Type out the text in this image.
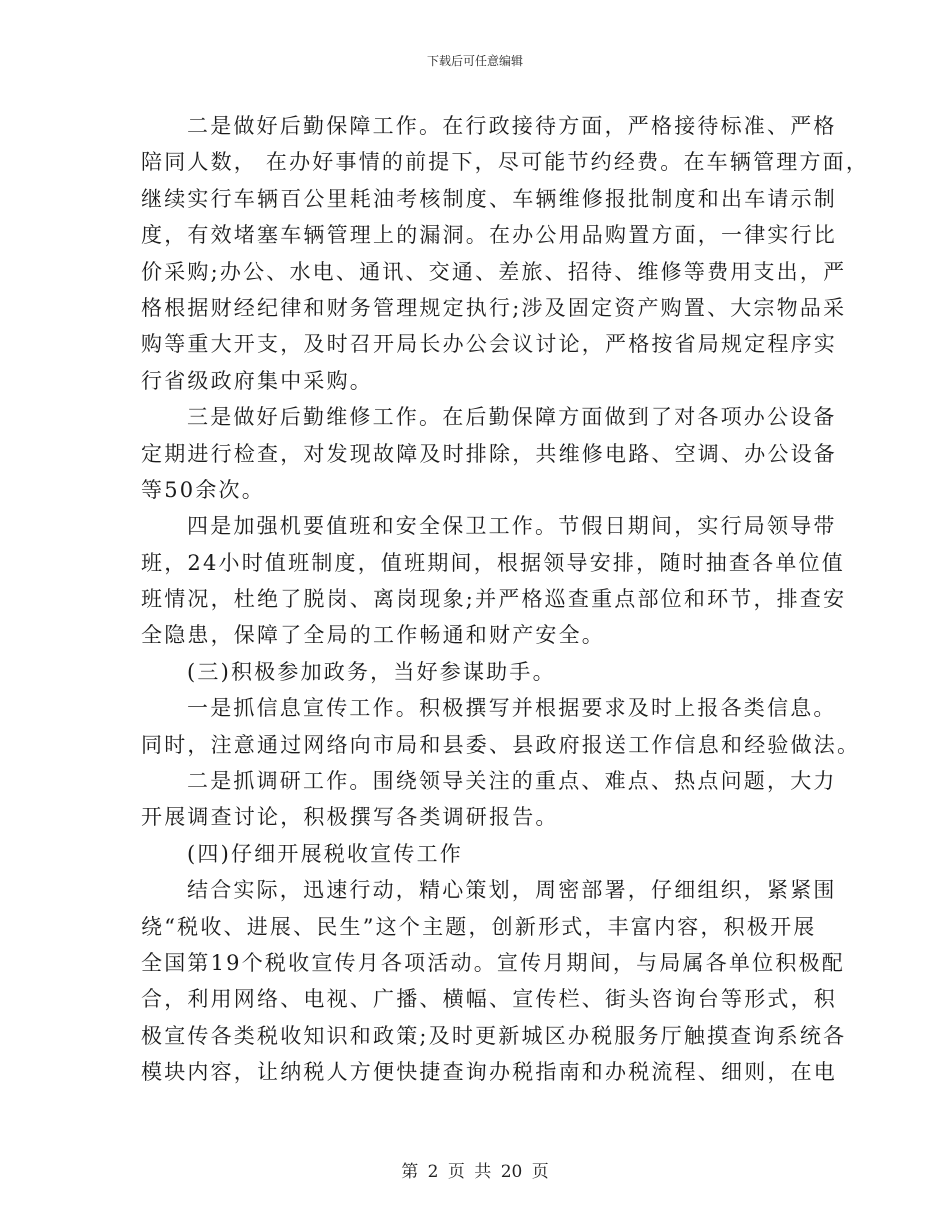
下载后可任意编辑
二是做好后勤保障工作。在行政接待方面，严格接待标准、严格
陪同人数， 在办好事情的前提下，尽可能节约经费。在车辆管理方面，
继续实行车辆百公里耗油考核制度、车辆维修报批制度和出车请示制
度，有效堵塞车辆管理上的漏洞。在办公用品购置方面，一律实行比
价采购;办公、水电、通讯、交通、差旅、招待、维修等费用支出，严
格根据财经纪律和财务管理规定执行;涉及固定资产购置、大宗物品采
购等重大开支，及时召开局长办公会议讨论，严格按省局规定程序实
行省级政府集中采购。
三是做好后勤维修工作。在后勤保障方面做到了对各项办公设备
定期进行检查，对发现故障及时排除，共维修电路、空调、办公设备
等50余次。
四是加强机要值班和安全保卫工作。节假日期间，实行局领导带
班，24小时值班制度，值班期间，根据领导安排，随时抽查各单位值
班情况，杜绝了脱岗、离岗现象;并严格巡查重点部位和环节，排查安
全隐患，保障了全局的工作畅通和财产安全。
(三)积极参加政务，当好参谋助手。
一是抓信息宣传工作。积极撰写并根据要求及时上报各类信息。
同时，注意通过网络向市局和县委、县政府报送工作信息和经验做法。
二是抓调研工作。围绕领导关注的重点、难点、热点问题，大力
开展调查讨论，积极撰写各类调研报告。
(四)仔细开展税收宣传工作
结合实际，迅速行动，精心策划，周密部署，仔细组织，紧紧围
绕“税收、进展、民生”这个主题，创新形式，丰富内容，积极开展
全国第19个税收宣传月各项活动。宣传月期间，与局属各单位积极配
合，利用网络、电视、广播、横幅、宣传栏、街头咨询台等形式，积
极宣传各类税收知识和政策;及时更新城区办税服务厅触摸查询系统各
模块内容，让纳税人方便快捷查询办税指南和办税流程、细则，在电
第 2 页 共 20 页
